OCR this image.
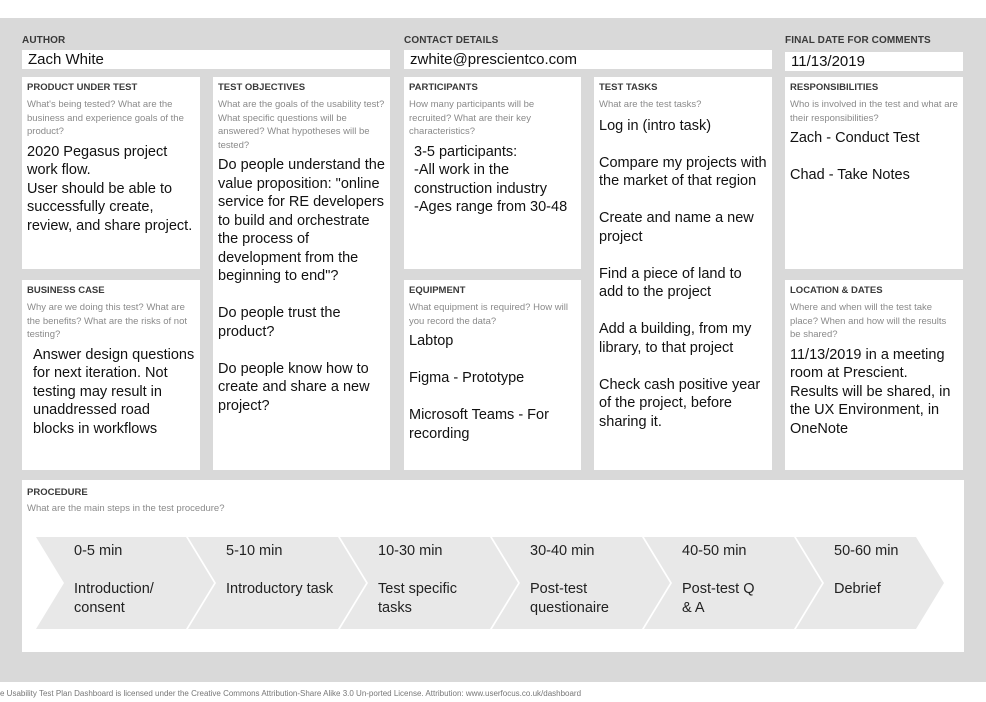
AUTHOR
Zach White
CONTACT DETAILS
zwhite@prescientco.com
FINAL DATE FOR COMMENTS
11/13/2019
PRODUCT UNDER TEST
What's being tested? What are the business and experience goals of the product?

2020 Pegasus project work flow.

User should be able to successfully create, review, and share project.

BUSINESS CASE
Why are we doing this test? What are the benefits? What are the risks of not testing?
Answer design questions for next iteration. Not testing may result in unaddressed road blocks in workflows
TEST OBJECTIVES
What are the goals of the usability test? What specific questions will be answered? What hypotheses will be tested?

Do people understand the value proposition: "online service for RE developers to build and orchestrate the process of development from the beginning to end"?

Do people trust the product?

Do people know how to create and share a new project?

PARTICIPANTS
How many participants will be recruited? What are their key characteristics?

3-5 participants:

-All work in the construction industry

-Ages range from 30-48

EQUIPMENT
What equipment is required? How will you record the data?

Labtop

Figma - Prototype

Microsoft Teams - For recording

TEST TASKS
What are the test tasks?

Log in (intro task)

Compare my projects with the market of that region

Create and name a new project

Find a piece of land to add to the project

Add a building, from my library, to that project

Check cash positive year of the project, before sharing it.

RESPONSIBILITIES
Who is involved in the test and what are their responsibilities?

Zach - Conduct Test

Chad - Take Notes

LOCATION & DATES
Where and when will the test take place? When and how will the results be shared?
11/13/2019 in a meeting room at Prescient. Results will be shared, in the UX Environment, in OneNote
PROCEDURE
What are the main steps in the test procedure?
0-5 min
Introduction/ consent
5-10 min
Introductory task
10-30 min
Test specific tasks
30-40 min
Post-test questionaire
40-50 min
Post-test Q & A
50-60 min
Debrief
e Usability Test Plan Dashboard is licensed under the Creative Commons Attribution-Share Alike 3.0 Un-ported License. Attribution: www.userfocus.co.uk/dashboard
